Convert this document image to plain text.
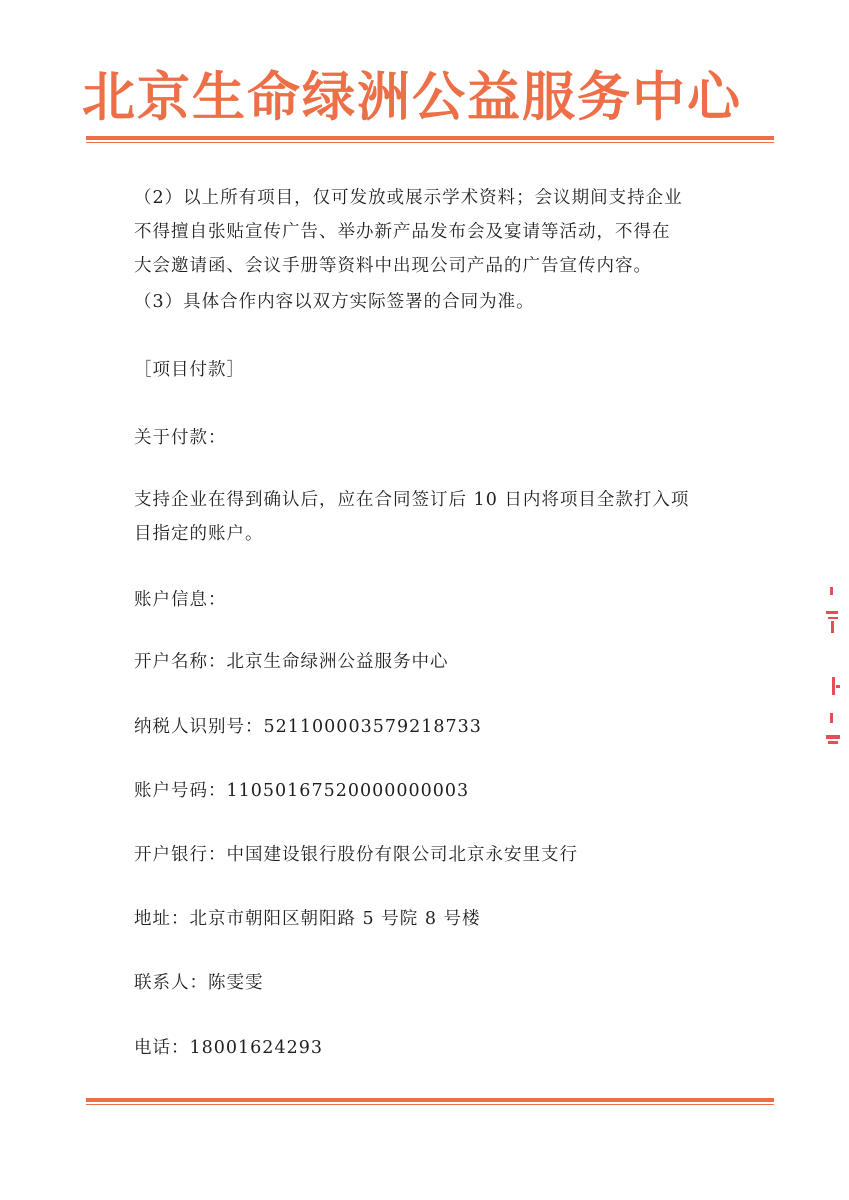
北京生命绿洲公益服务中心
（2）以上所有项目，仅可发放或展示学术资料；会议期间支持企业
不得擅自张贴宣传广告、举办新产品发布会及宴请等活动，不得在
大会邀请函、会议手册等资料中出现公司产品的广告宣传内容。
（3）具体合作内容以双方实际签署的合同为准。
［项目付款］
关于付款：
支持企业在得到确认后，应在合同签订后 10 日内将项目全款打入项
目指定的账户。
账户信息：
开户名称：北京生命绿洲公益服务中心
纳税人识别号：521100003579218733
账户号码：11050167520000000003
开户银行：中国建设银行股份有限公司北京永安里支行
地址：北京市朝阳区朝阳路 5 号院 8 号楼
联系人：陈雯雯
电话：18001624293
